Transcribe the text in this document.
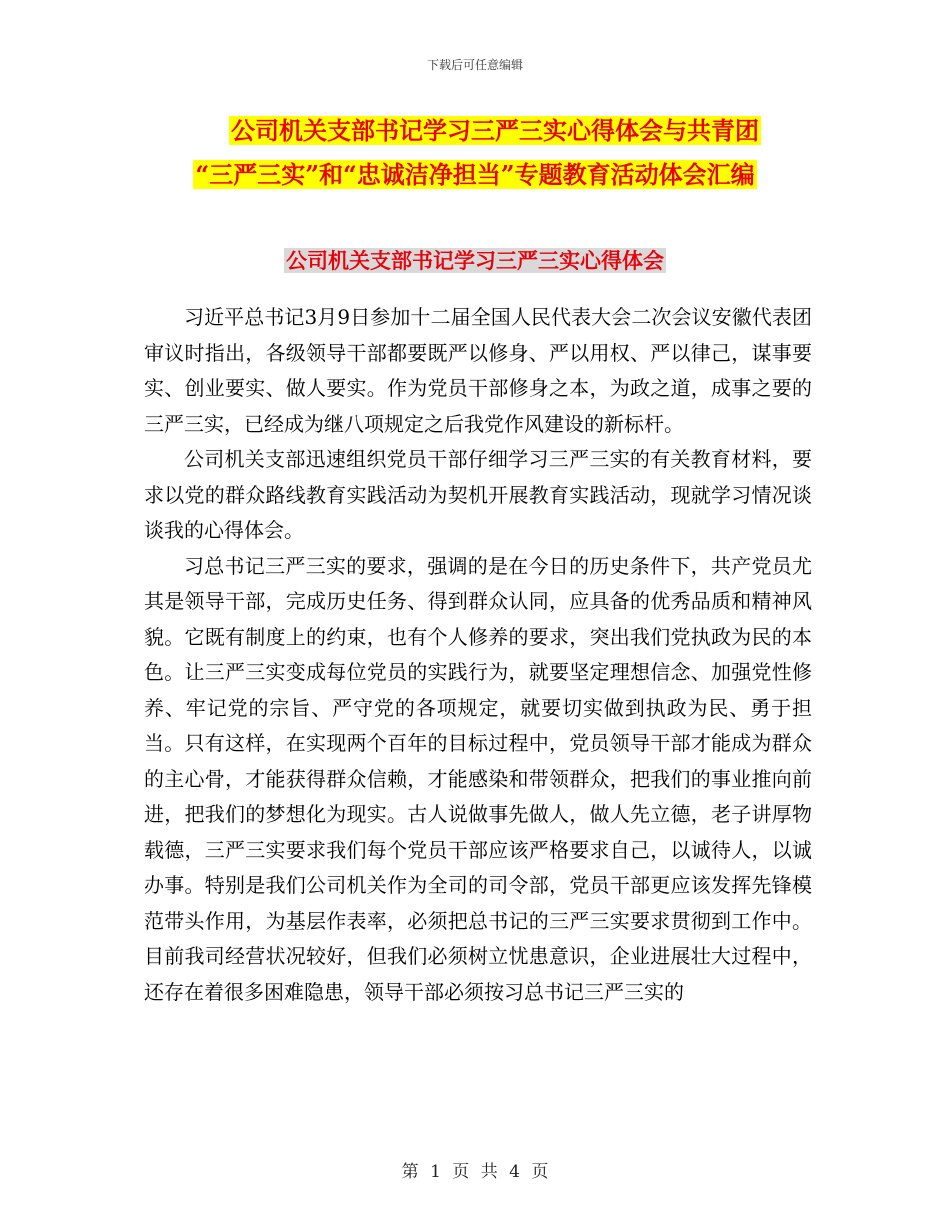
下载后可任意编辑
公司机关支部书记学习三严三实心得体会与共青团
“三严三实”和“忠诚洁净担当”专题教育活动体会汇编
公司机关支部书记学习三严三实心得体会

习近平总书记3月9日参加十二届全国人民代表大会二次会议安徽代表团审议时指出，各级领导干部都要既严以修身、严以用权、严以律己，谋事要实、创业要实、做人要实。作为党员干部修身之本，为政之道，成事之要的三严三实，已经成为继八项规定之后我党作风建设的新标杆。

公司机关支部迅速组织党员干部仔细学习三严三实的有关教育材料，要求以党的群众路线教育实践活动为契机开展教育实践活动，现就学习情况谈谈我的心得体会。

习总书记三严三实的要求，强调的是在今日的历史条件下，共产党员尤其是领导干部，完成历史任务、得到群众认同，应具备的优秀品质和精神风貌。它既有制度上的约束，也有个人修养的要求，突出我们党执政为民的本色。让三严三实变成每位党员的实践行为，就要坚定理想信念、加强党性修养、牢记党的宗旨、严守党的各项规定，就要切实做到执政为民、勇于担当。只有这样，在实现两个百年的目标过程中，党员领导干部才能成为群众的主心骨，才能获得群众信赖，才能感染和带领群众，把我们的事业推向前进，把我们的梦想化为现实。古人说做事先做人，做人先立德，老子讲厚物载德，三严三实要求我们每个党员干部应该严格要求自己，以诚待人，以诚办事。特别是我们公司机关作为全司的司令部，党员干部更应该发挥先锋模范带头作用，为基层作表率，必须把总书记的三严三实要求贯彻到工作中。目前我司经营状况较好，但我们必须树立忧患意识，企业进展壮大过程中，还存在着很多困难隐患，领导干部必须按习总书记三严三实的

第 1 页 共 4 页
